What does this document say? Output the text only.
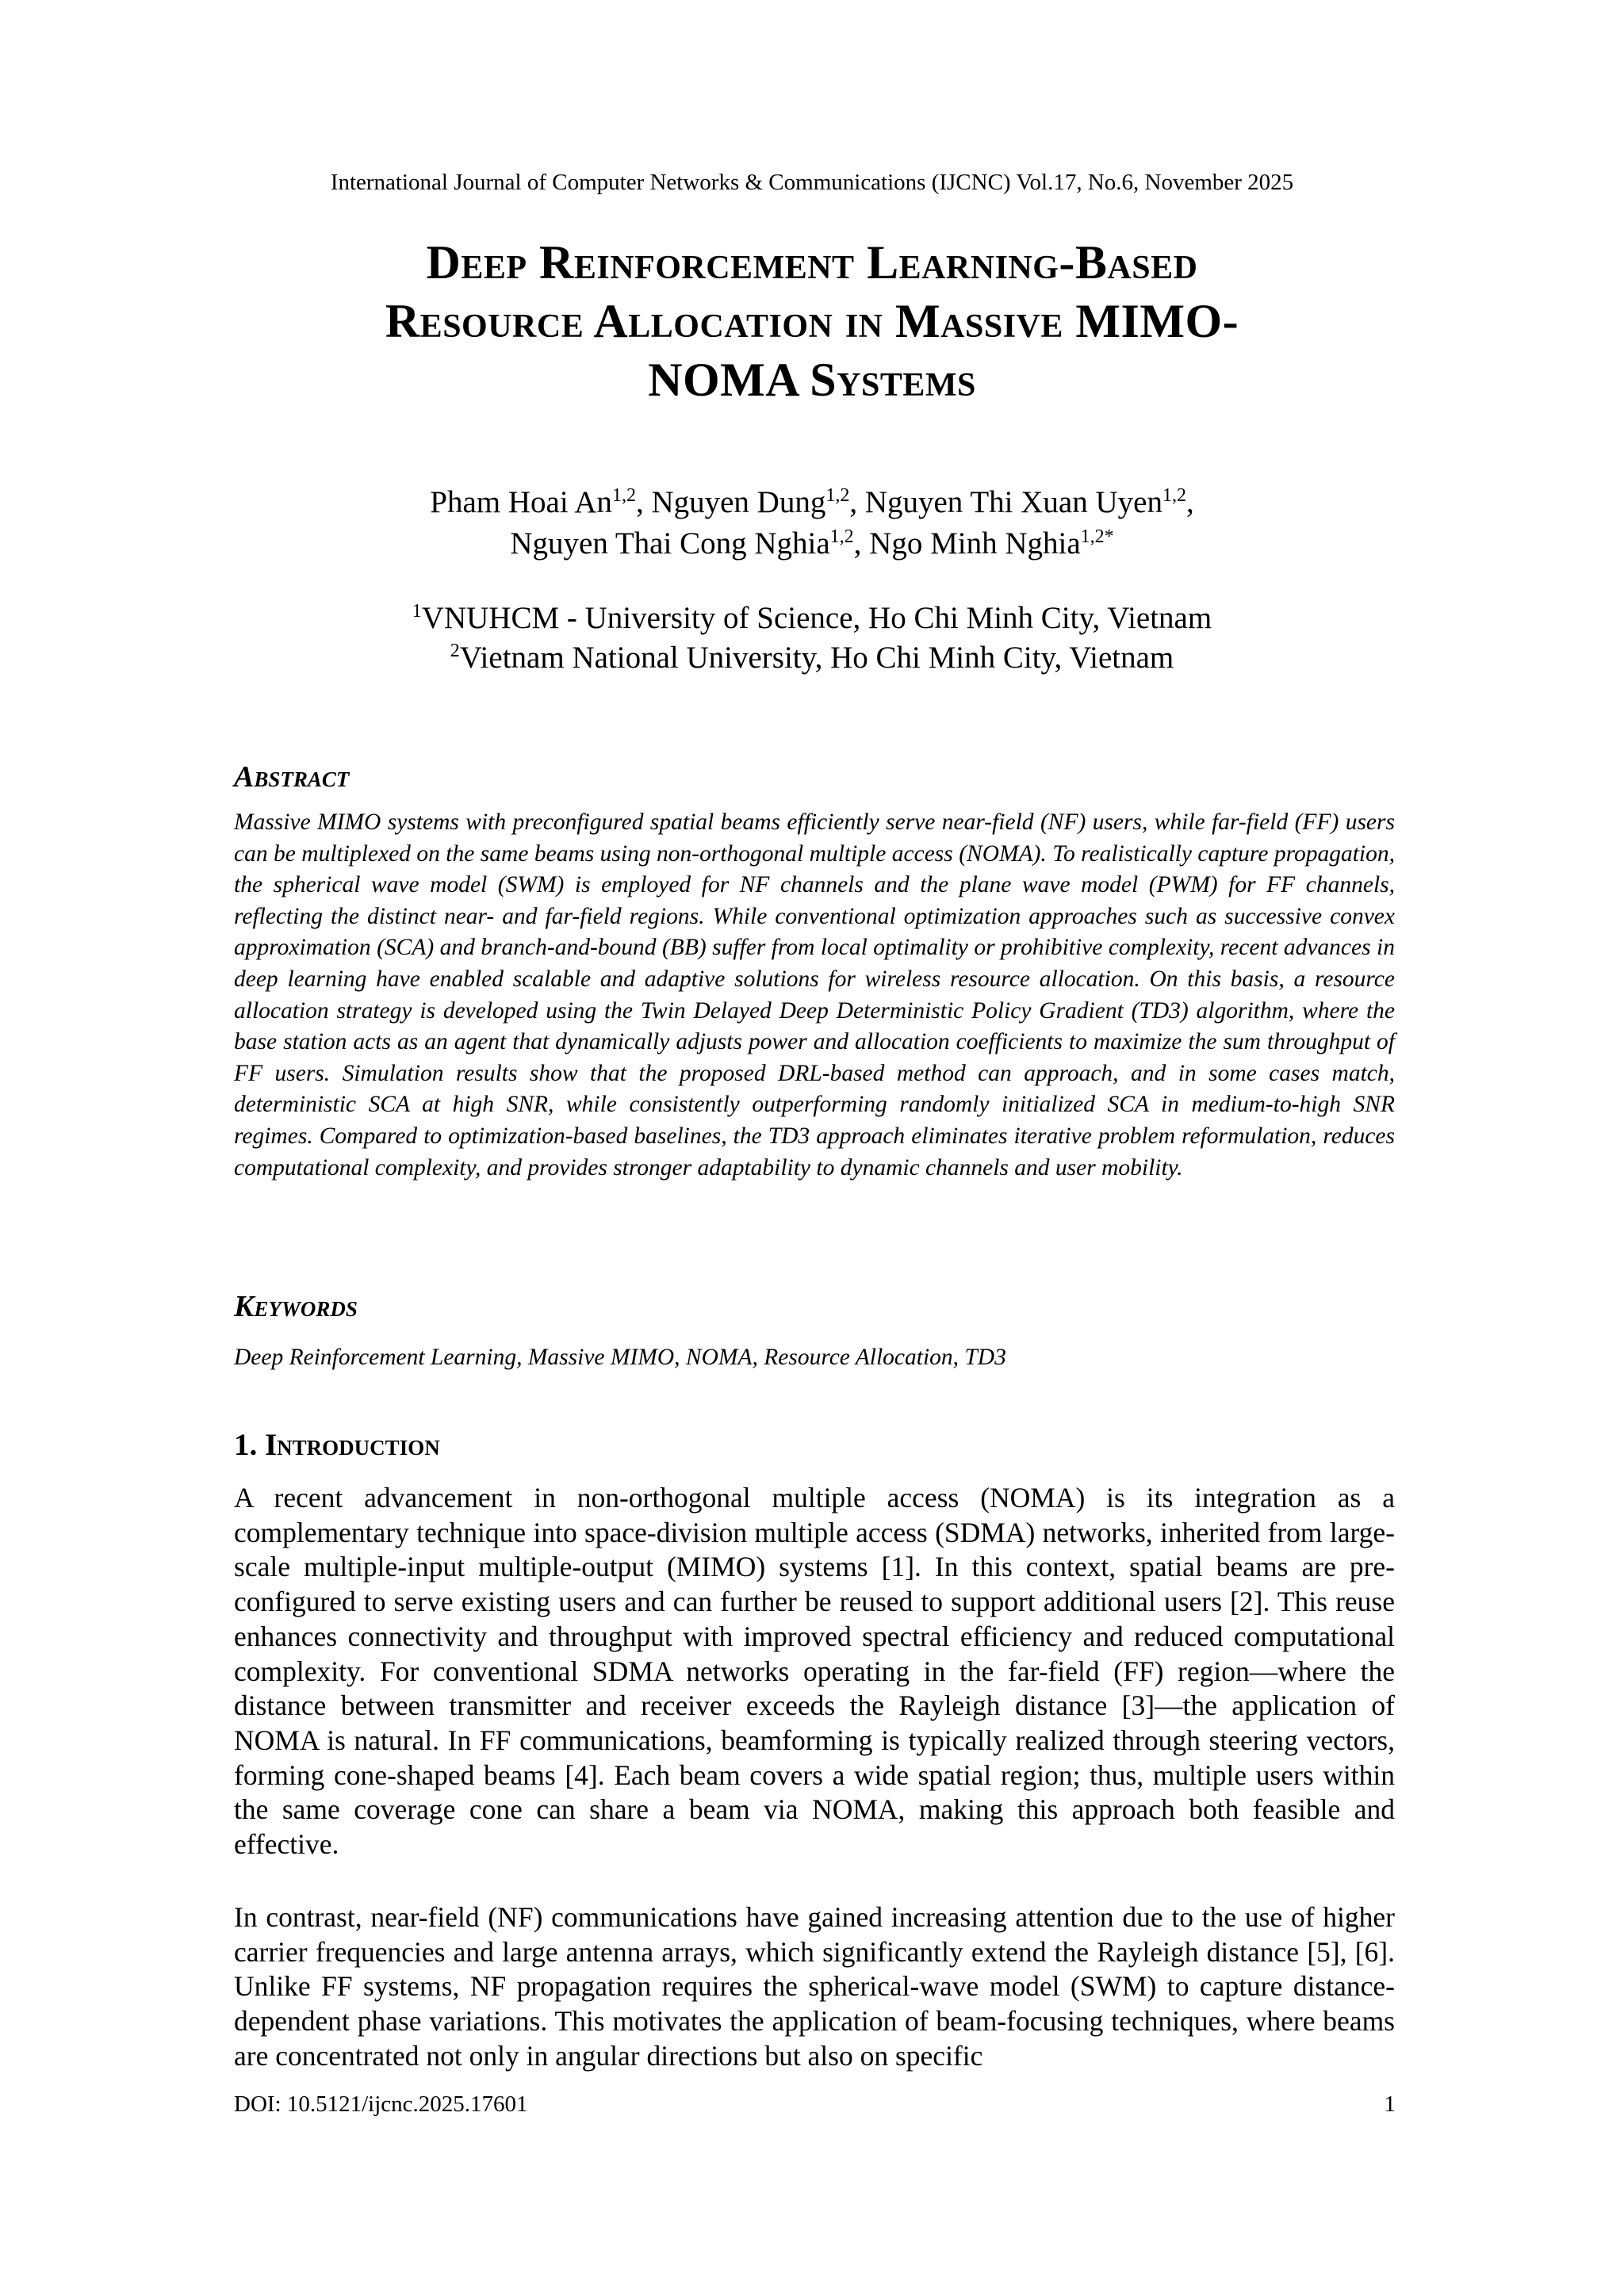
International Journal of Computer Networks & Communications (IJCNC) Vol.17, No.6, November 2025
Deep Reinforcement Learning-Based
Resource Allocation in Massive MIMO-
NOMA Systems
Pham Hoai An$^{1,2}$, Nguyen Dung$^{1,2}$, Nguyen Thi Xuan Uyen$^{1,2}$,
Nguyen Thai Cong Nghia$^{1,2}$, Ngo Minh Nghia$^{1,2*}$
$^1$VNUHCM - University of Science, Ho Chi Minh City, Vietnam
$^2$Vietnam National University, Ho Chi Minh City, Vietnam
Abstract
Massive MIMO systems with preconfigured spatial beams efficiently serve near-field (NF) users, while far-field (FF) users can be multiplexed on the same beams using non-orthogonal multiple access (NOMA). To realistically capture propagation, the spherical wave model (SWM) is employed for NF channels and the plane wave model (PWM) for FF channels, reflecting the distinct near- and far-field regions. While conventional optimization approaches such as successive convex approximation (SCA) and branch-and-bound (BB) suffer from local optimality or prohibitive complexity, recent advances in deep learning have enabled scalable and adaptive solutions for wireless resource allocation. On this basis, a resource allocation strategy is developed using the Twin Delayed Deep Deterministic Policy Gradient (TD3) algorithm, where the base station acts as an agent that dynamically adjusts power and allocation coefficients to maximize the sum throughput of FF users. Simulation results show that the proposed DRL-based method can approach, and in some cases match, deterministic SCA at high SNR, while consistently outperforming randomly initialized SCA in medium-to-high SNR regimes. Compared to optimization-based baselines, the TD3 approach eliminates iterative problem reformulation, reduces computational complexity, and provides stronger adaptability to dynamic channels and user mobility.
Keywords
Deep Reinforcement Learning, Massive MIMO, NOMA, Resource Allocation, TD3
1. Introduction
A recent advancement in non-orthogonal multiple access (NOMA) is its integration as a complementary technique into space-division multiple access (SDMA) networks, inherited from large-scale multiple-input multiple-output (MIMO) systems [1]. In this context, spatial beams are pre-configured to serve existing users and can further be reused to support additional users [2]. This reuse enhances connectivity and throughput with improved spectral efficiency and reduced computational complexity. For conventional SDMA networks operating in the far-field (FF) region—where the distance between transmitter and receiver exceeds the Rayleigh distance [3]—the application of NOMA is natural. In FF communications, beamforming is typically realized through steering vectors, forming cone-shaped beams [4]. Each beam covers a wide spatial region; thus, multiple users within the same coverage cone can share a beam via NOMA, making this approach both feasible and effective.
In contrast, near-field (NF) communications have gained increasing attention due to the use of higher carrier frequencies and large antenna arrays, which significantly extend the Rayleigh distance [5], [6]. Unlike FF systems, NF propagation requires the spherical-wave model (SWM) to capture distance-dependent phase variations. This motivates the application of beam-focusing techniques, where beams are concentrated not only in angular directions but also on specific
DOI: 10.5121/ijcnc.2025.17601	1
